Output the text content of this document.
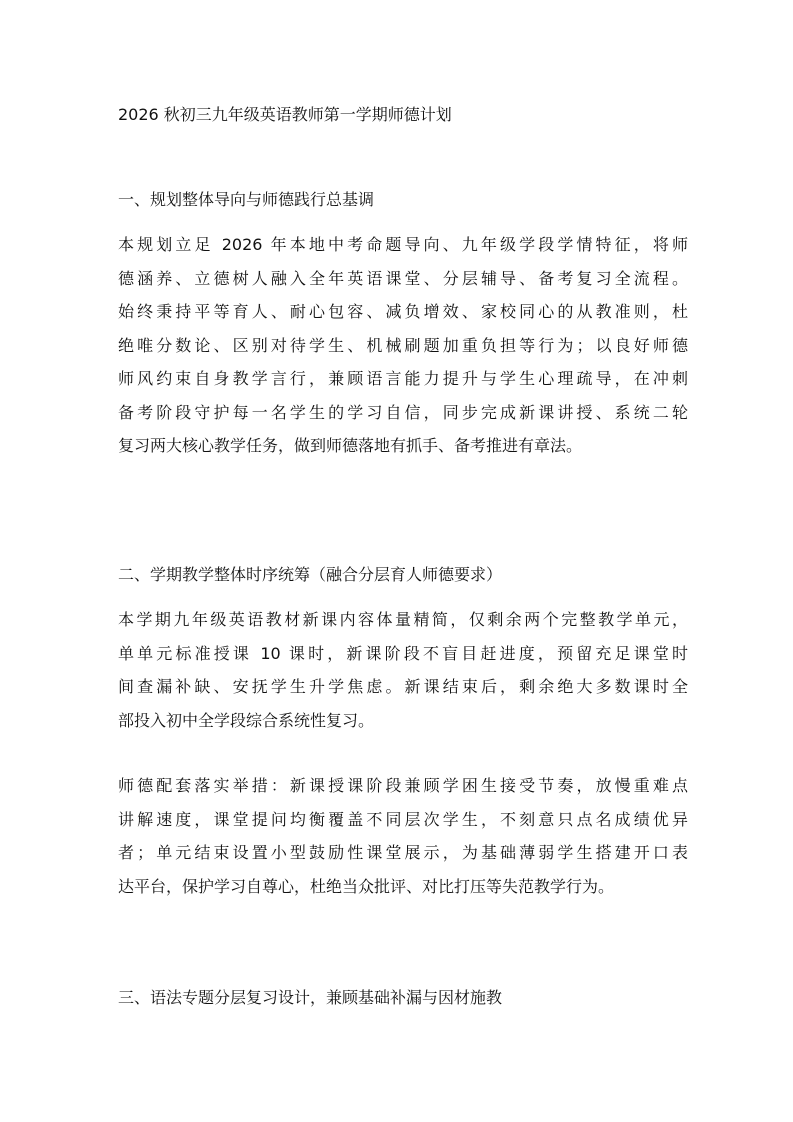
2026 秋初三九年级英语教师第一学期师德计划
一、规划整体导向与师德践行总基调
本规划立足 2026 年本地中考命题导向、九年级学段学情特征，将师
德涵养、立德树人融入全年英语课堂、分层辅导、备考复习全流程。
始终秉持平等育人、耐心包容、减负增效、家校同心的从教准则，杜
绝唯分数论、区别对待学生、机械刷题加重负担等行为；以良好师德
师风约束自身教学言行，兼顾语言能力提升与学生心理疏导，在冲刺
备考阶段守护每一名学生的学习自信，同步完成新课讲授、系统二轮
复习两大核心教学任务，做到师德落地有抓手、备考推进有章法。
二、学期教学整体时序统筹（融合分层育人师德要求）
本学期九年级英语教材新课内容体量精简，仅剩余两个完整教学单元，
单单元标准授课 10 课时，新课阶段不盲目赶进度，预留充足课堂时
间查漏补缺、安抚学生升学焦虑。新课结束后，剩余绝大多数课时全
部投入初中全学段综合系统性复习。
师德配套落实举措：新课授课阶段兼顾学困生接受节奏，放慢重难点
讲解速度，课堂提问均衡覆盖不同层次学生，不刻意只点名成绩优异
者；单元结束设置小型鼓励性课堂展示，为基础薄弱学生搭建开口表
达平台，保护学习自尊心，杜绝当众批评、对比打压等失范教学行为。
三、语法专题分层复习设计，兼顾基础补漏与因材施教
